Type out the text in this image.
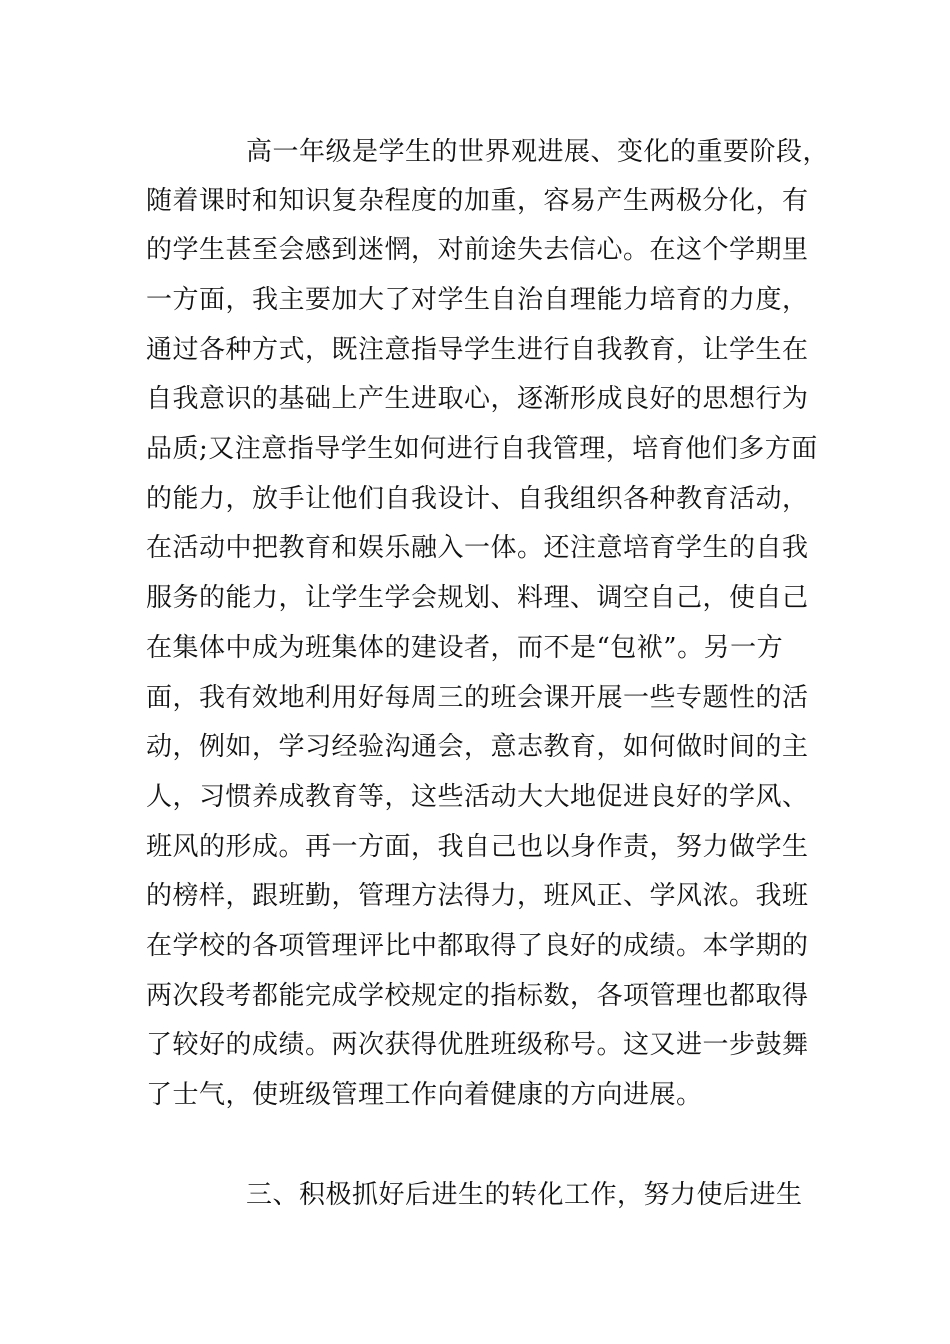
高一年级是学生的世界观进展、变化的重要阶段，
随着课时和知识复杂程度的加重，容易产生两极分化，有
的学生甚至会感到迷惘，对前途失去信心。在这个学期里
一方面，我主要加大了对学生自治自理能力培育的力度，
通过各种方式，既注意指导学生进行自我教育，让学生在
自我意识的基础上产生进取心，逐渐形成良好的思想行为
品质;又注意指导学生如何进行自我管理，培育他们多方面
的能力，放手让他们自我设计、自我组织各种教育活动，
在活动中把教育和娱乐融入一体。还注意培育学生的自我
服务的能力，让学生学会规划、料理、调空自己，使自己
在集体中成为班集体的建设者，而不是“包袱”。另一方
面，我有效地利用好每周三的班会课开展一些专题性的活
动，例如，学习经验沟通会，意志教育，如何做时间的主
人，习惯养成教育等，这些活动大大地促进良好的学风、
班风的形成。再一方面，我自己也以身作责，努力做学生
的榜样，跟班勤，管理方法得力，班风正、学风浓。我班
在学校的各项管理评比中都取得了良好的成绩。本学期的
两次段考都能完成学校规定的指标数，各项管理也都取得
了较好的成绩。两次获得优胜班级称号。这又进一步鼓舞
了士气，使班级管理工作向着健康的方向进展。
三、积极抓好后进生的转化工作，努力使后进生
